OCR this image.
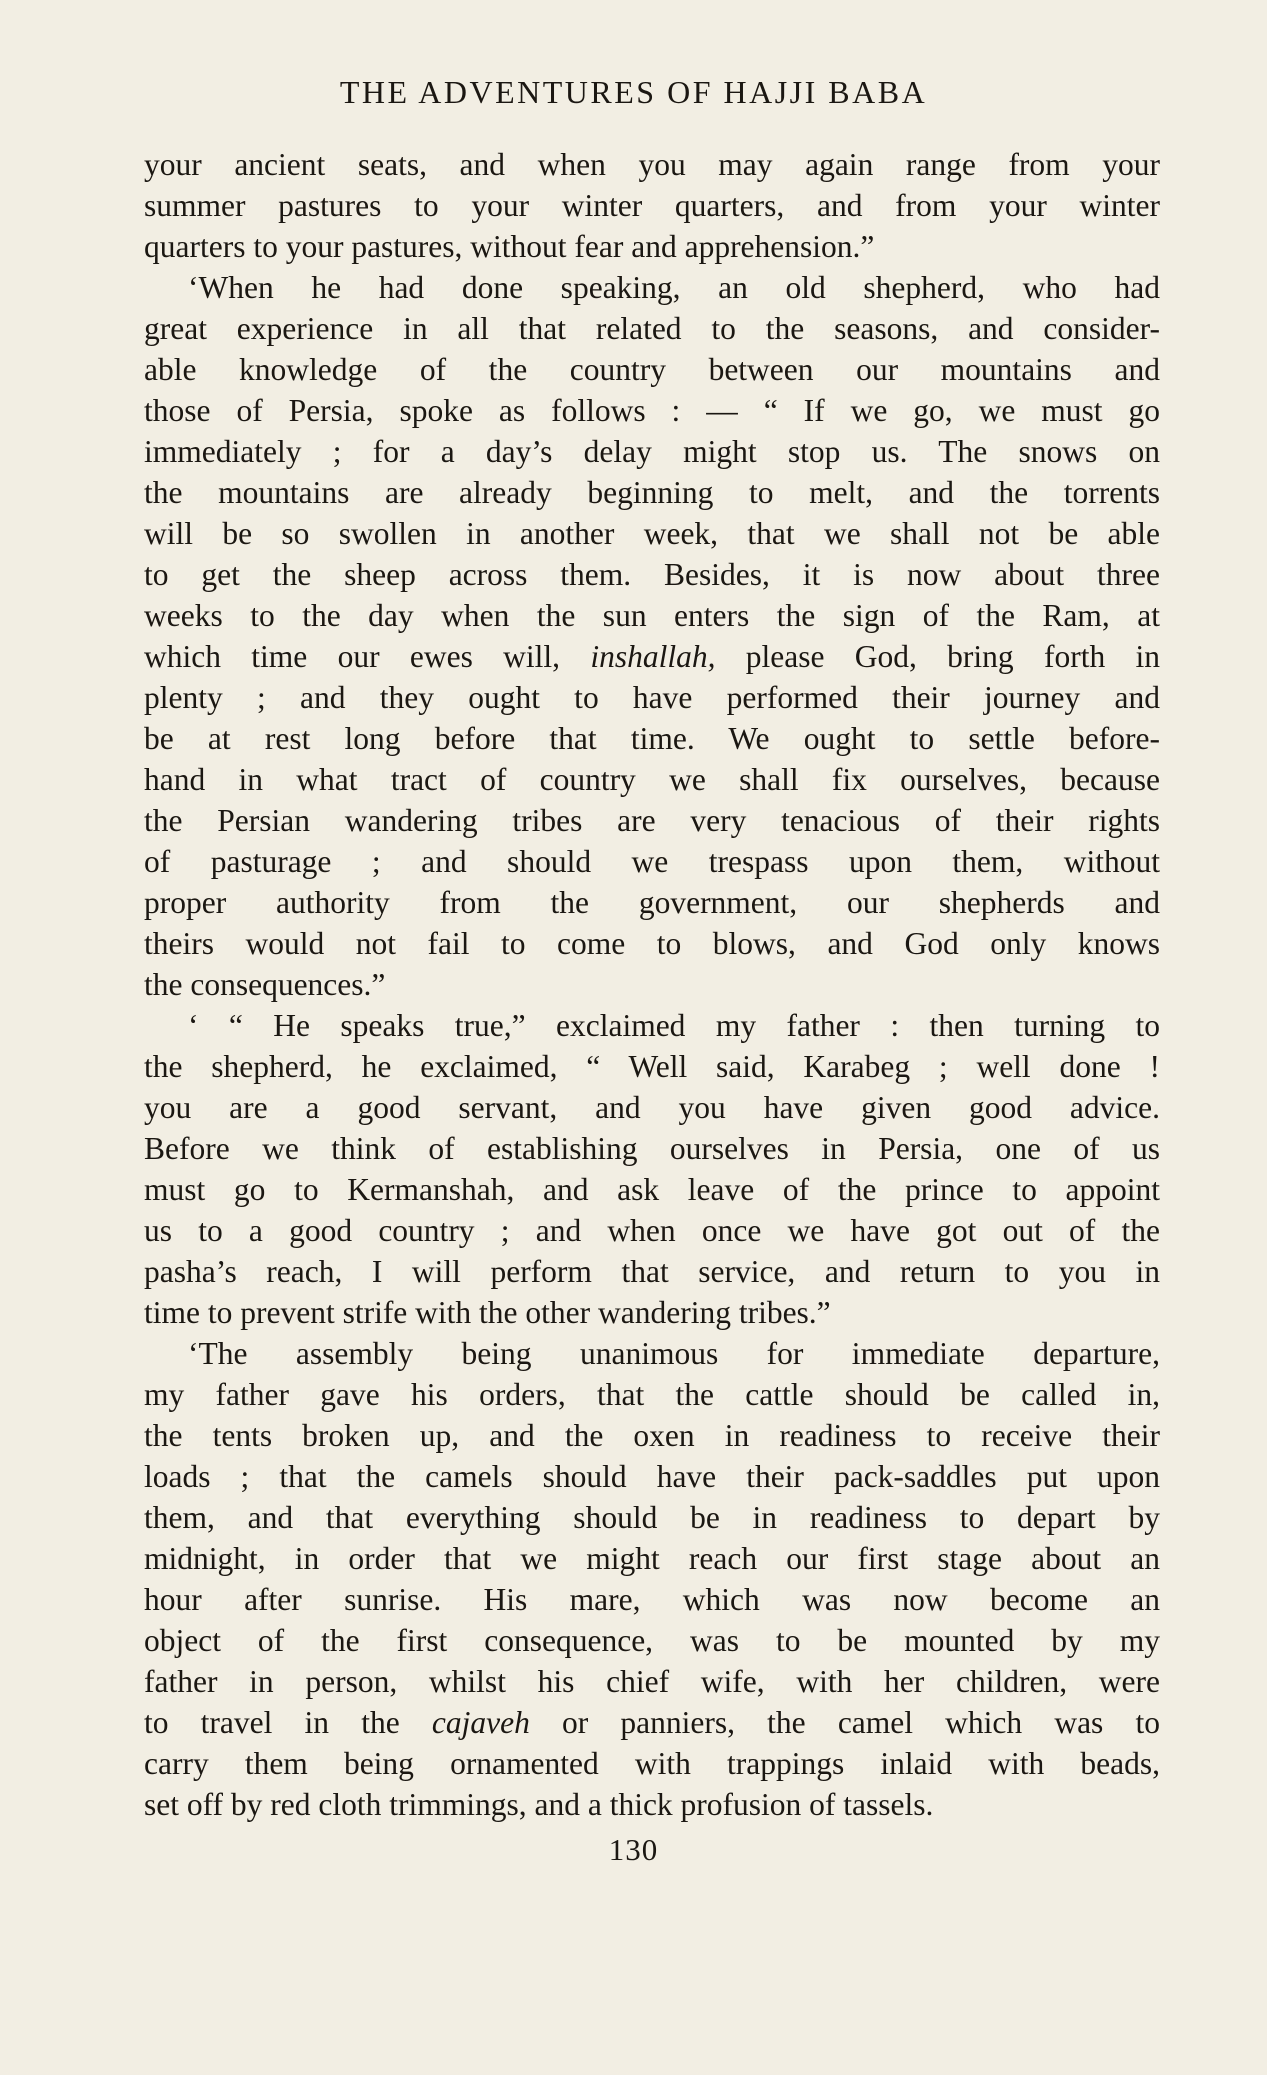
THE ADVENTURES OF HAJJI BABA
your ancient seats, and when you may again range from your
summer pastures to your winter quarters, and from your winter
quarters to your pastures, without fear and apprehension.”
‘When he had done speaking, an old shepherd, who had
great experience in all that related to the seasons, and consider-
able knowledge of the country between our mountains and
those of Persia, spoke as follows : — “ If we go, we must go
immediately ; for a day’s delay might stop us. The snows on
the mountains are already beginning to melt, and the torrents
will be so swollen in another week, that we shall not be able
to get the sheep across them. Besides, it is now about three
weeks to the day when the sun enters the sign of the Ram, at
which time our ewes will, inshallah, please God, bring forth in
plenty ; and they ought to have performed their journey and
be at rest long before that time. We ought to settle before-
hand in what tract of country we shall fix ourselves, because
the Persian wandering tribes are very tenacious of their rights
of pasturage ; and should we trespass upon them, without
proper authority from the government, our shepherds and
theirs would not fail to come to blows, and God only knows
the consequences.”
‘ “ He speaks true,” exclaimed my father : then turning to
the shepherd, he exclaimed, “ Well said, Karabeg ; well done !
you are a good servant, and you have given good advice.
Before we think of establishing ourselves in Persia, one of us
must go to Kermanshah, and ask leave of the prince to appoint
us to a good country ; and when once we have got out of the
pasha’s reach, I will perform that service, and return to you in
time to prevent strife with the other wandering tribes.”
‘The assembly being unanimous for immediate departure,
my father gave his orders, that the cattle should be called in,
the tents broken up, and the oxen in readiness to receive their
loads ; that the camels should have their pack-saddles put upon
them, and that everything should be in readiness to depart by
midnight, in order that we might reach our first stage about an
hour after sunrise. His mare, which was now become an
object of the first consequence, was to be mounted by my
father in person, whilst his chief wife, with her children, were
to travel in the cajaveh or panniers, the camel which was to
carry them being ornamented with trappings inlaid with beads,
set off by red cloth trimmings, and a thick profusion of tassels.
130
